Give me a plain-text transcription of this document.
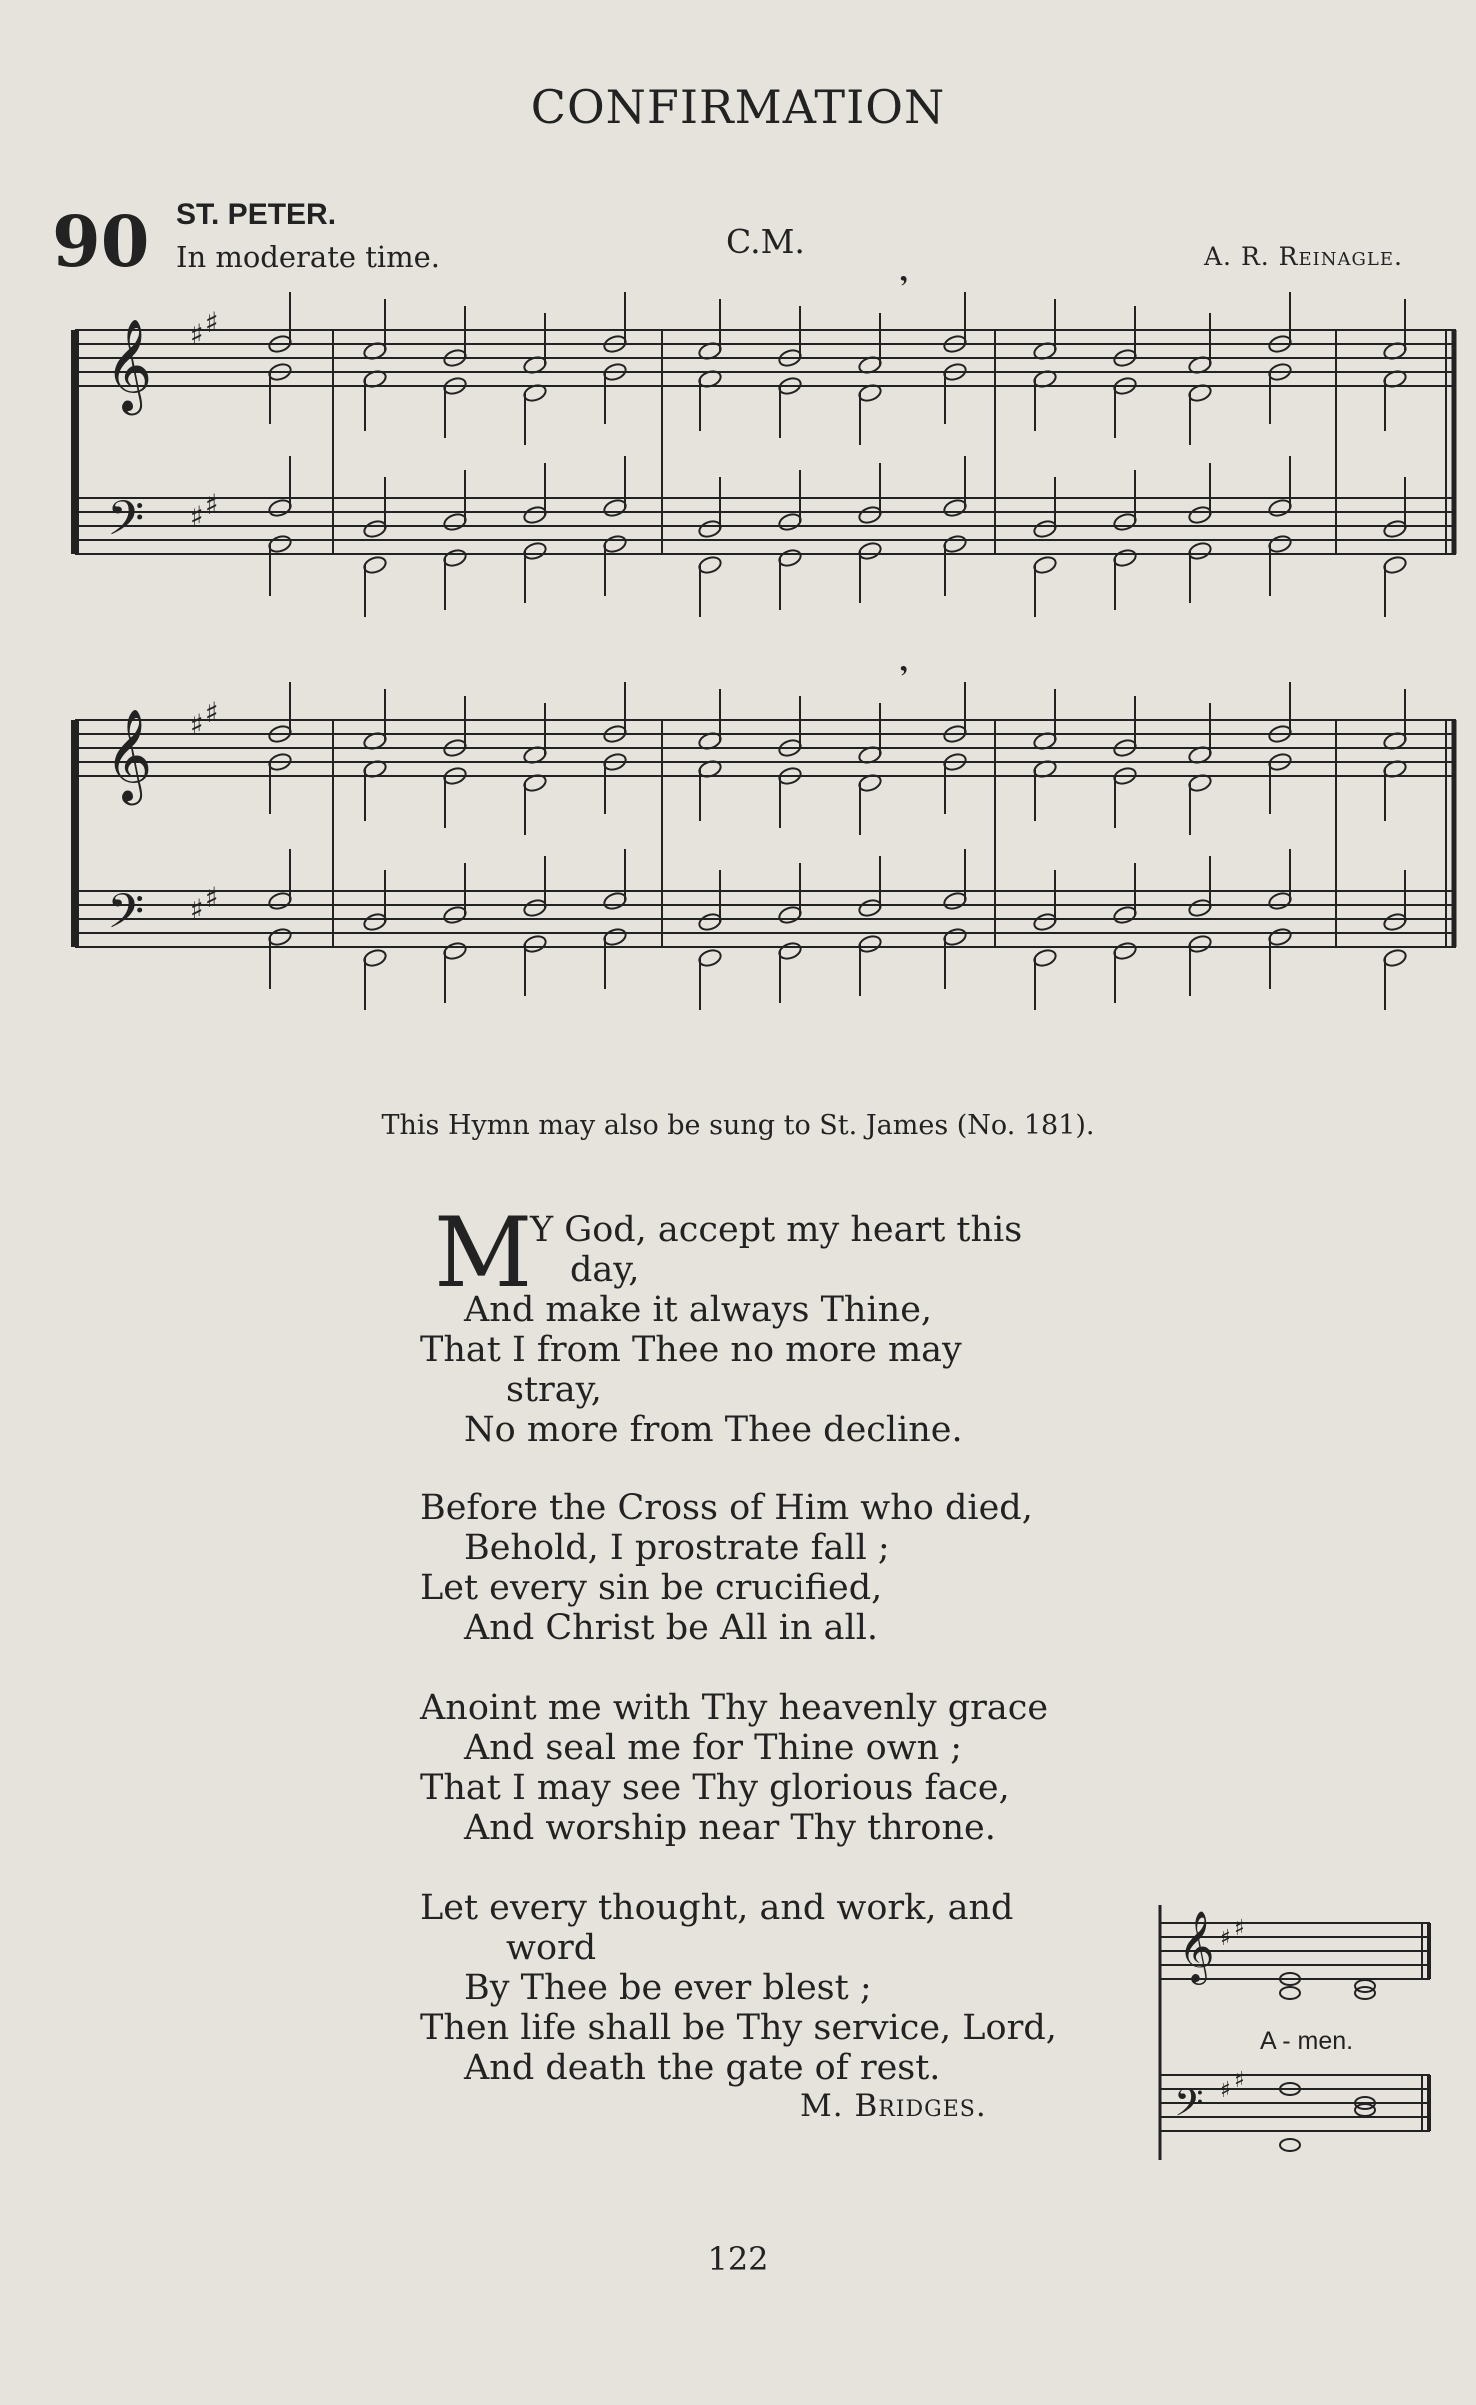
CONFIRMATION
90 ST. PETER.
In moderate time.	C.M.	A. R. Reinagle.
𝄞
𝄢
♯ ♯
♯ ♯
𝄒
𝄞
𝄢
♯ ♯
♯ ♯
𝄒
This Hymn may also be sung to St. James (No. 181).
M
Y God, accept my heart this
day,
And make it always Thine,
That I from Thee no more may
stray,
No more from Thee decline.
Before the Cross of Him who died,
Behold, I prostrate fall ;
Let every sin be crucified,
And Christ be All in all.
Anoint me with Thy heavenly grace
And seal me for Thine own ;
That I may see Thy glorious face,
And worship near Thy throne.
Let every thought, and work, and
word
By Thee be ever blest ;
Then life shall be Thy service, Lord,
And death the gate of rest.
M. Bridges.
𝄞
𝄢
♯ ♯
♯ ♯
A - men.
122
